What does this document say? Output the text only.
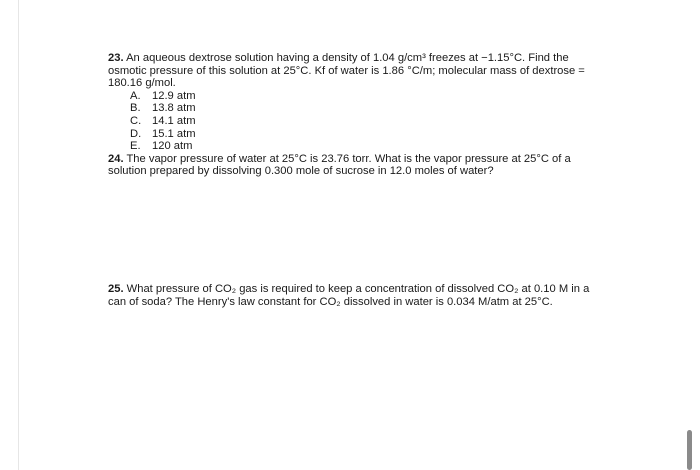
23. An aqueous dextrose solution having a density of 1.04 g/cm³ freezes at −1.15°C. Find the osmotic pressure of this solution at 25°C. Kf of water is 1.86 °C/m; molecular mass of dextrose = 180.16 g/mol.

A.	12.9 atm
B.	13.8 atm
C. 14.1 atm
D. 15.1 atm
E.	120 atm

24. The vapor pressure of water at 25°C is 23.76 torr. What is the vapor pressure at 25°C of a solution prepared by dissolving 0.300 mole of sucrose in 12.0 moles of water?

25. What pressure of CO₂ gas is required to keep a concentration of dissolved CO₂ at 0.10 M in a can of soda? The Henry's law constant for CO₂ dissolved in water is 0.034 M/atm at 25°C.
